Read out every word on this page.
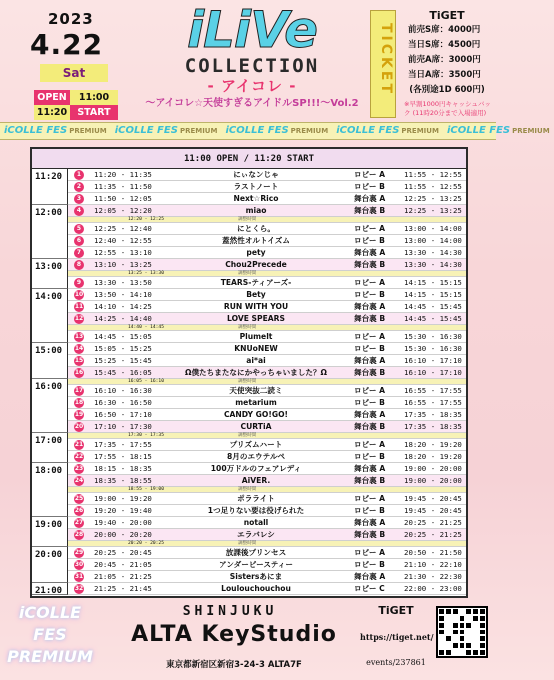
2023
4.22
Sat
OPEN	11:00
11:20	START
iLiVe
COLLECTION
- アイコレ -
〜アイコレ☆天使すぎるアイドルSP!!!〜Vol.2
TICKET
TiGET
前売S席：4000円
当日S席：4500円
前売A席：3000円
当日A席：3500円
(各別途1D 600円)
※早割1000円キャッシュバック (11時20分まで入場適用)
iCOLLE FES PREMIUM iCOLLE FES PREMIUM iCOLLE FES PREMIUM iCOLLE FES PREMIUM iCOLLE FES PREMIUM
11:00 OPEN / 11:20 START
1	11:20 - 11:35	にぃなンじゃ	ロビー A	11:55 - 12:55
2	11:35 - 11:50	ラストノート	ロビー B	11:55 - 12:55
3	11:50 - 12:05	Next☆Rico	舞台裏 A	12:25 - 13:25
4	12:05 - 12:20	miao	舞台裏 B	12:25 - 13:25
12:20 - 12:25	調整時間
5	12:25 - 12:40	にとくら。	ロビー A	13:00 - 14:00
6	12:40 - 12:55	蓋然性オルトイズム	ロビー B	13:00 - 14:00
7	12:55 - 13:10	pety	舞台裏 A	13:30 - 14:30
8	13:10 - 13:25	Chou2Precede	舞台裏 B	13:30 - 14:30
13:25 - 13:30	調整時間
9	13:30 - 13:50	TEARS-ティアーズ-	ロビー A	14:15 - 15:15
10 13:50 - 14:10	Bety	ロビー B	14:15 - 15:15
11 14:10 - 14:25	RUN WITH YOU	舞台裏 A	14:45 - 15:45
12 14:25 - 14:40	LOVE SPEARS	舞台裏 B	14:45 - 15:45
14:40 - 14:45	調整時間
13 14:45 - 15:05	Plumelt	ロビー A	15:30 - 16:30
14 15:05 - 15:25	KNUoNEW	ロビー B	15:30 - 16:30
15 15:25 - 15:45	ai*ai	舞台裏 A	16:10 - 17:10
16 15:45 - 16:05	Ω僕たちまたなにかやっちゃいました？Ω	舞台裏 B	16:10 - 17:10
16:05 - 16:10	調整時間
17 16:10 - 16:30	天使突抜二読ミ	ロビー A	16:55 - 17:55
18 16:30 - 16:50	metarium	ロビー B	16:55 - 17:55
19 16:50 - 17:10	CANDY GO!GO!	舞台裏 A	17:35 - 18:35
20 17:10 - 17:30	CURTiA	舞台裏 B	17:35 - 18:35
17:30 - 17:35	調整時間
21 17:35 - 17:55	プリズムハート	ロビー A	18:20 - 19:20
22 17:55 - 18:15	8月のエウテルペ	ロビー B	18:20 - 19:20
23 18:15 - 18:35	100万ドルのフェアレディ	舞台裏 A	19:00 - 20:00
24 18:35 - 18:55	AiVER.	舞台裏 B	19:00 - 20:00
18:55 - 19:00	調整時間
25 19:00 - 19:20	ポラライト	ロビー A	19:45 - 20:45
26 19:20 - 19:40	1つ足りない要は役げられた	ロビー B	19:45 - 20:45
27 19:40 - 20:00	notall	舞台裏 A	20:25 - 21:25
28 20:00 - 20:20	エラバレシ	舞台裏 B	20:25 - 21:25
20:20 - 20:25	調整時間
29 20:25 - 20:45	放課後プリンセス	ロビー A	20:50 - 21:50
30 20:45 - 21:05	アンダービースティー	ロビー B	21:10 - 22:10
31 21:05 - 21:25	Sistersあにま	舞台裏 A	21:30 - 22:30
32 21:25 - 21:45	Loulouchouchou	ロビー C	22:00 - 23:00
11:20
12:00
13:00
14:00
15:00
16:00
17:00
18:00
19:00
20:00
21:00
iCOLLE FES PREMIUM
SHINJUKU
ALTA KeyStudio
東京都新宿区新宿3-24-3 ALTA7F
TiGET
https://tiget.net/
events/237861
